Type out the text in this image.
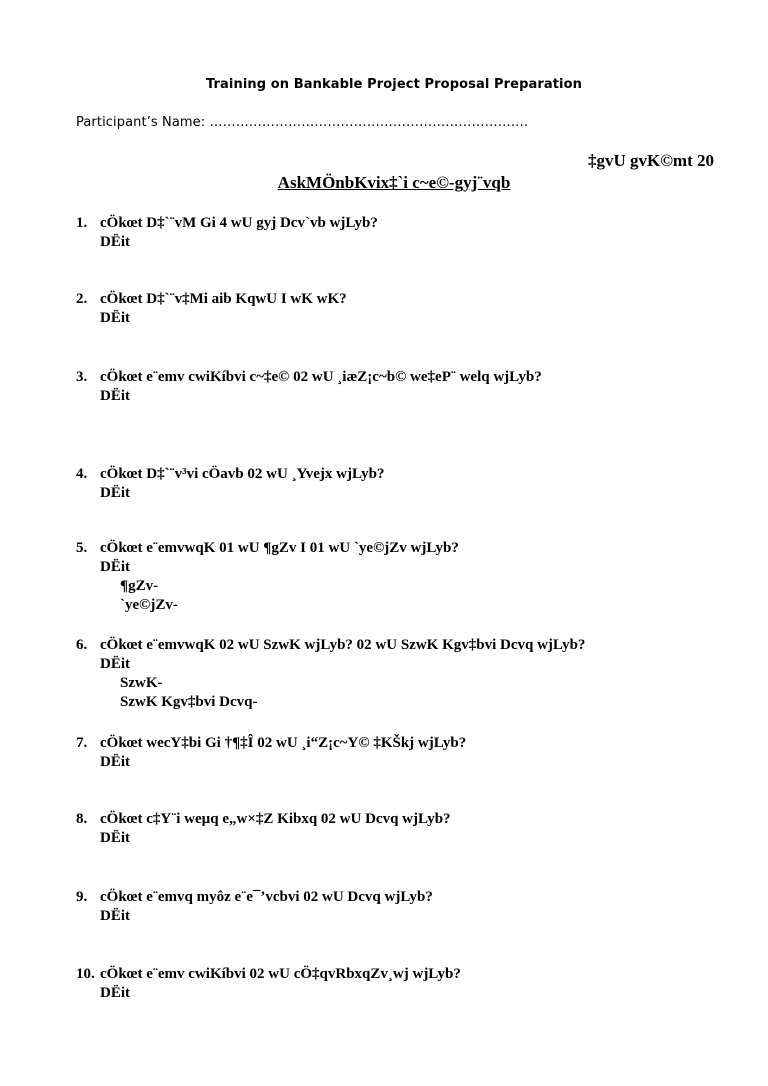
Training on Bankable Project Proposal Preparation
Participant’s Name: ……………………………………………………………….
‡gvU gvK©mt 20
AskMÖnbKvix‡`i c~e©-gyj¨vqb
1. cÖkœt D‡`¨vM Gi 4 wU gyj Dcv`vb wjLyb?
DËit
2. cÖkœt D‡`¨v‡Mi aib KqwU I wK wK?
DËit
3. cÖkœt e¨emv cwiKíbvi c~‡e© 02 wU ¸iæZ¡c~b© we‡eP¨ welq wjLyb?
DËit
4. cÖkœt D‡`¨v³vi cÖavb 02 wU ¸Yvejx wjLyb?
DËit
5. cÖkœt e¨emvwqK 01 wU ¶gZv I 01 wU `ye©jZv wjLyb?
DËit
¶gZv-
`ye©jZv-
6. cÖkœt e¨emvwqK 02 wU SzwK wjLyb? 02 wU SzwK Kgv‡bvi Dcvq wjLyb?
DËit
SzwK-
SzwK Kgv‡bvi Dcvq-
7. cÖkœt wecY‡bi Gi †¶‡Î 02 wU ¸i“Z¡c~Y© ‡KŠkj wjLyb?
DËit
8. cÖkœt c‡Y¨i weµq e„w×‡Z Kibxq 02 wU Dcvq wjLyb?
DËit
9. cÖkœt e¨emvq myôz e¨e¯’vcbvi 02 wU Dcvq wjLyb?
DËit
10. cÖkœt e¨emv cwiKíbvi 02 wU cÖ‡qvRbxqZv¸wj wjLyb?
DËit
